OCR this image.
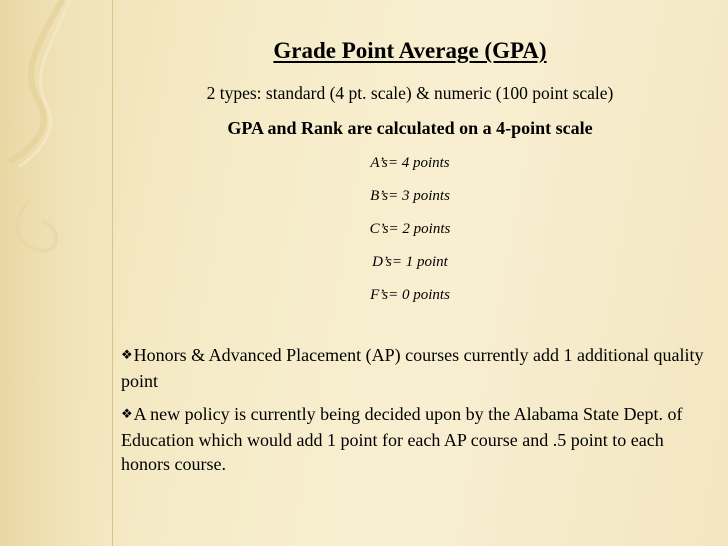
Grade Point Average (GPA)
2 types: standard (4 pt. scale) & numeric (100 point scale)
GPA and Rank are calculated on a 4-point scale
A’s= 4 points
B’s= 3 points
C’s= 2 points
D’s= 1 point
F’s= 0 points
❖Honors & Advanced Placement (AP) courses currently add 1 additional quality point
❖A new policy is currently being decided upon by the Alabama State Dept. of Education which would add 1 point for each AP course and .5 point to each honors course.
